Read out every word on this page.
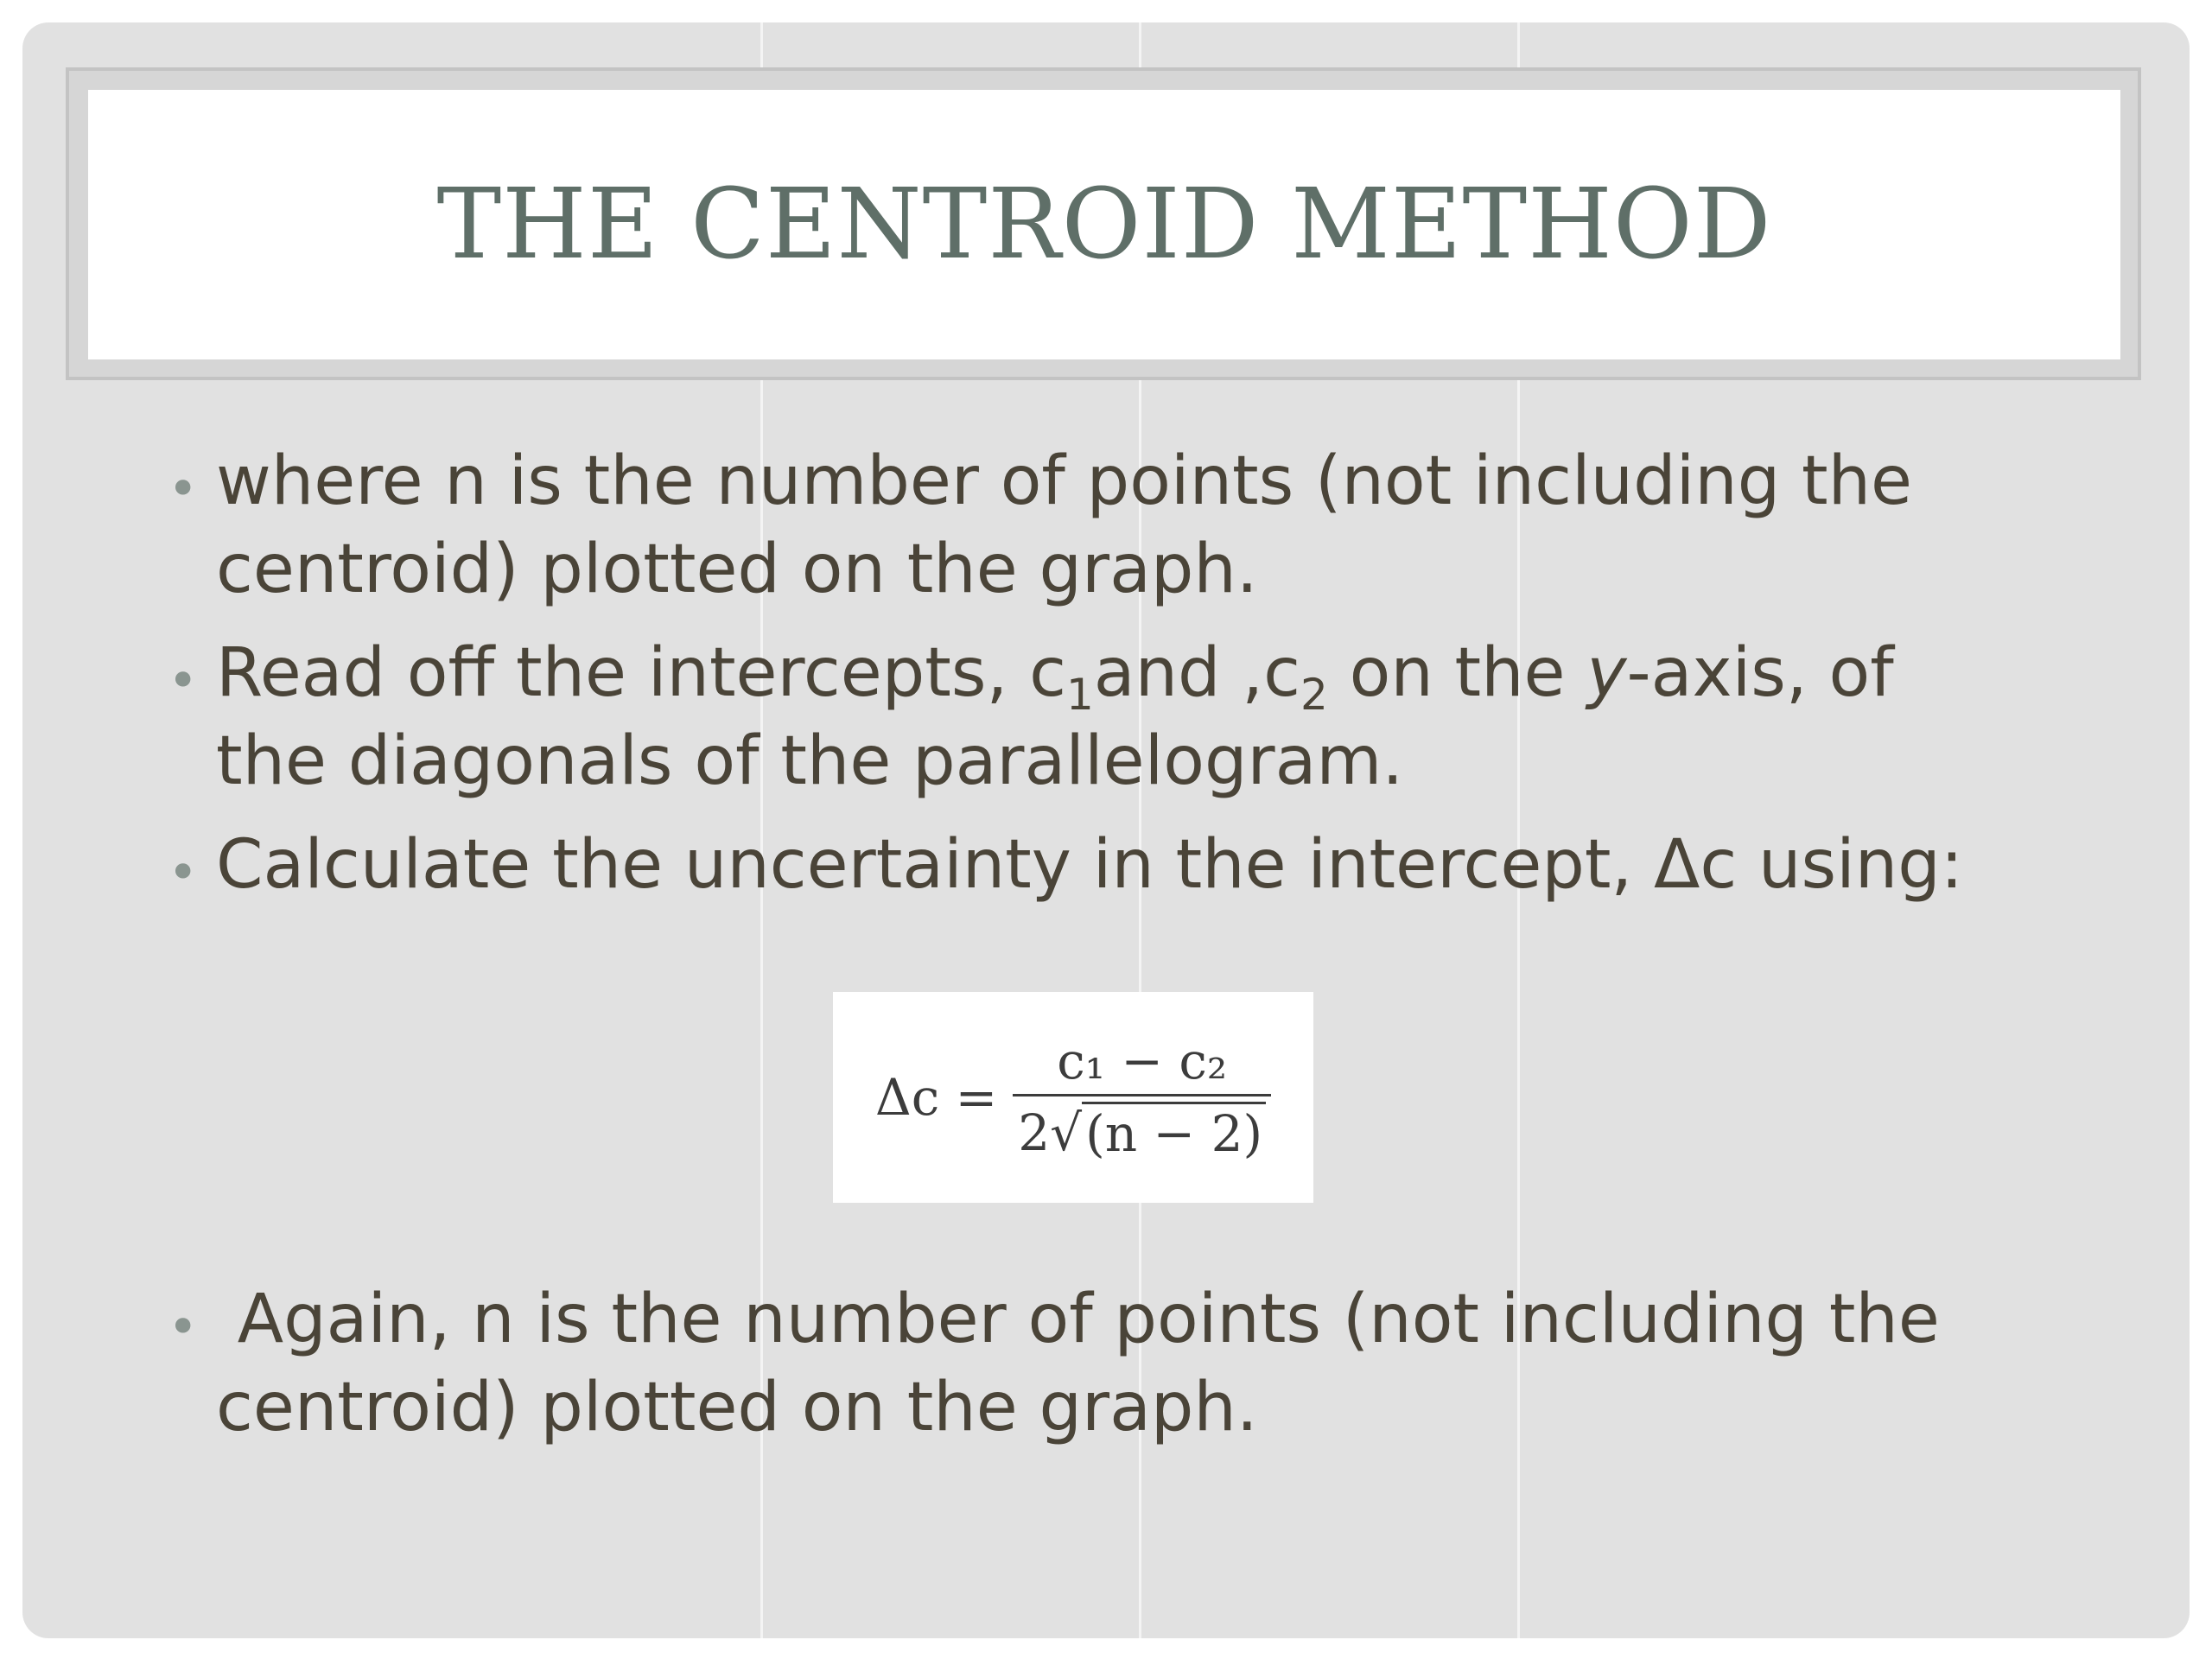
THE CENTROID METHOD
• where n is the number of points (not including the
centroid) plotted on the graph.
• Read off the intercepts, $c_1and$ $,c_2$ on the y-axis, of
the diagonals of the parallelogram.
• Calculate the uncertainty in the intercept, Δc using:
$\Delta c = \frac{\text{c₁ − c₂}}{2 √ (n - 2)}$
• Again, n is the number of points (not including the
centroid) plotted on the graph.
